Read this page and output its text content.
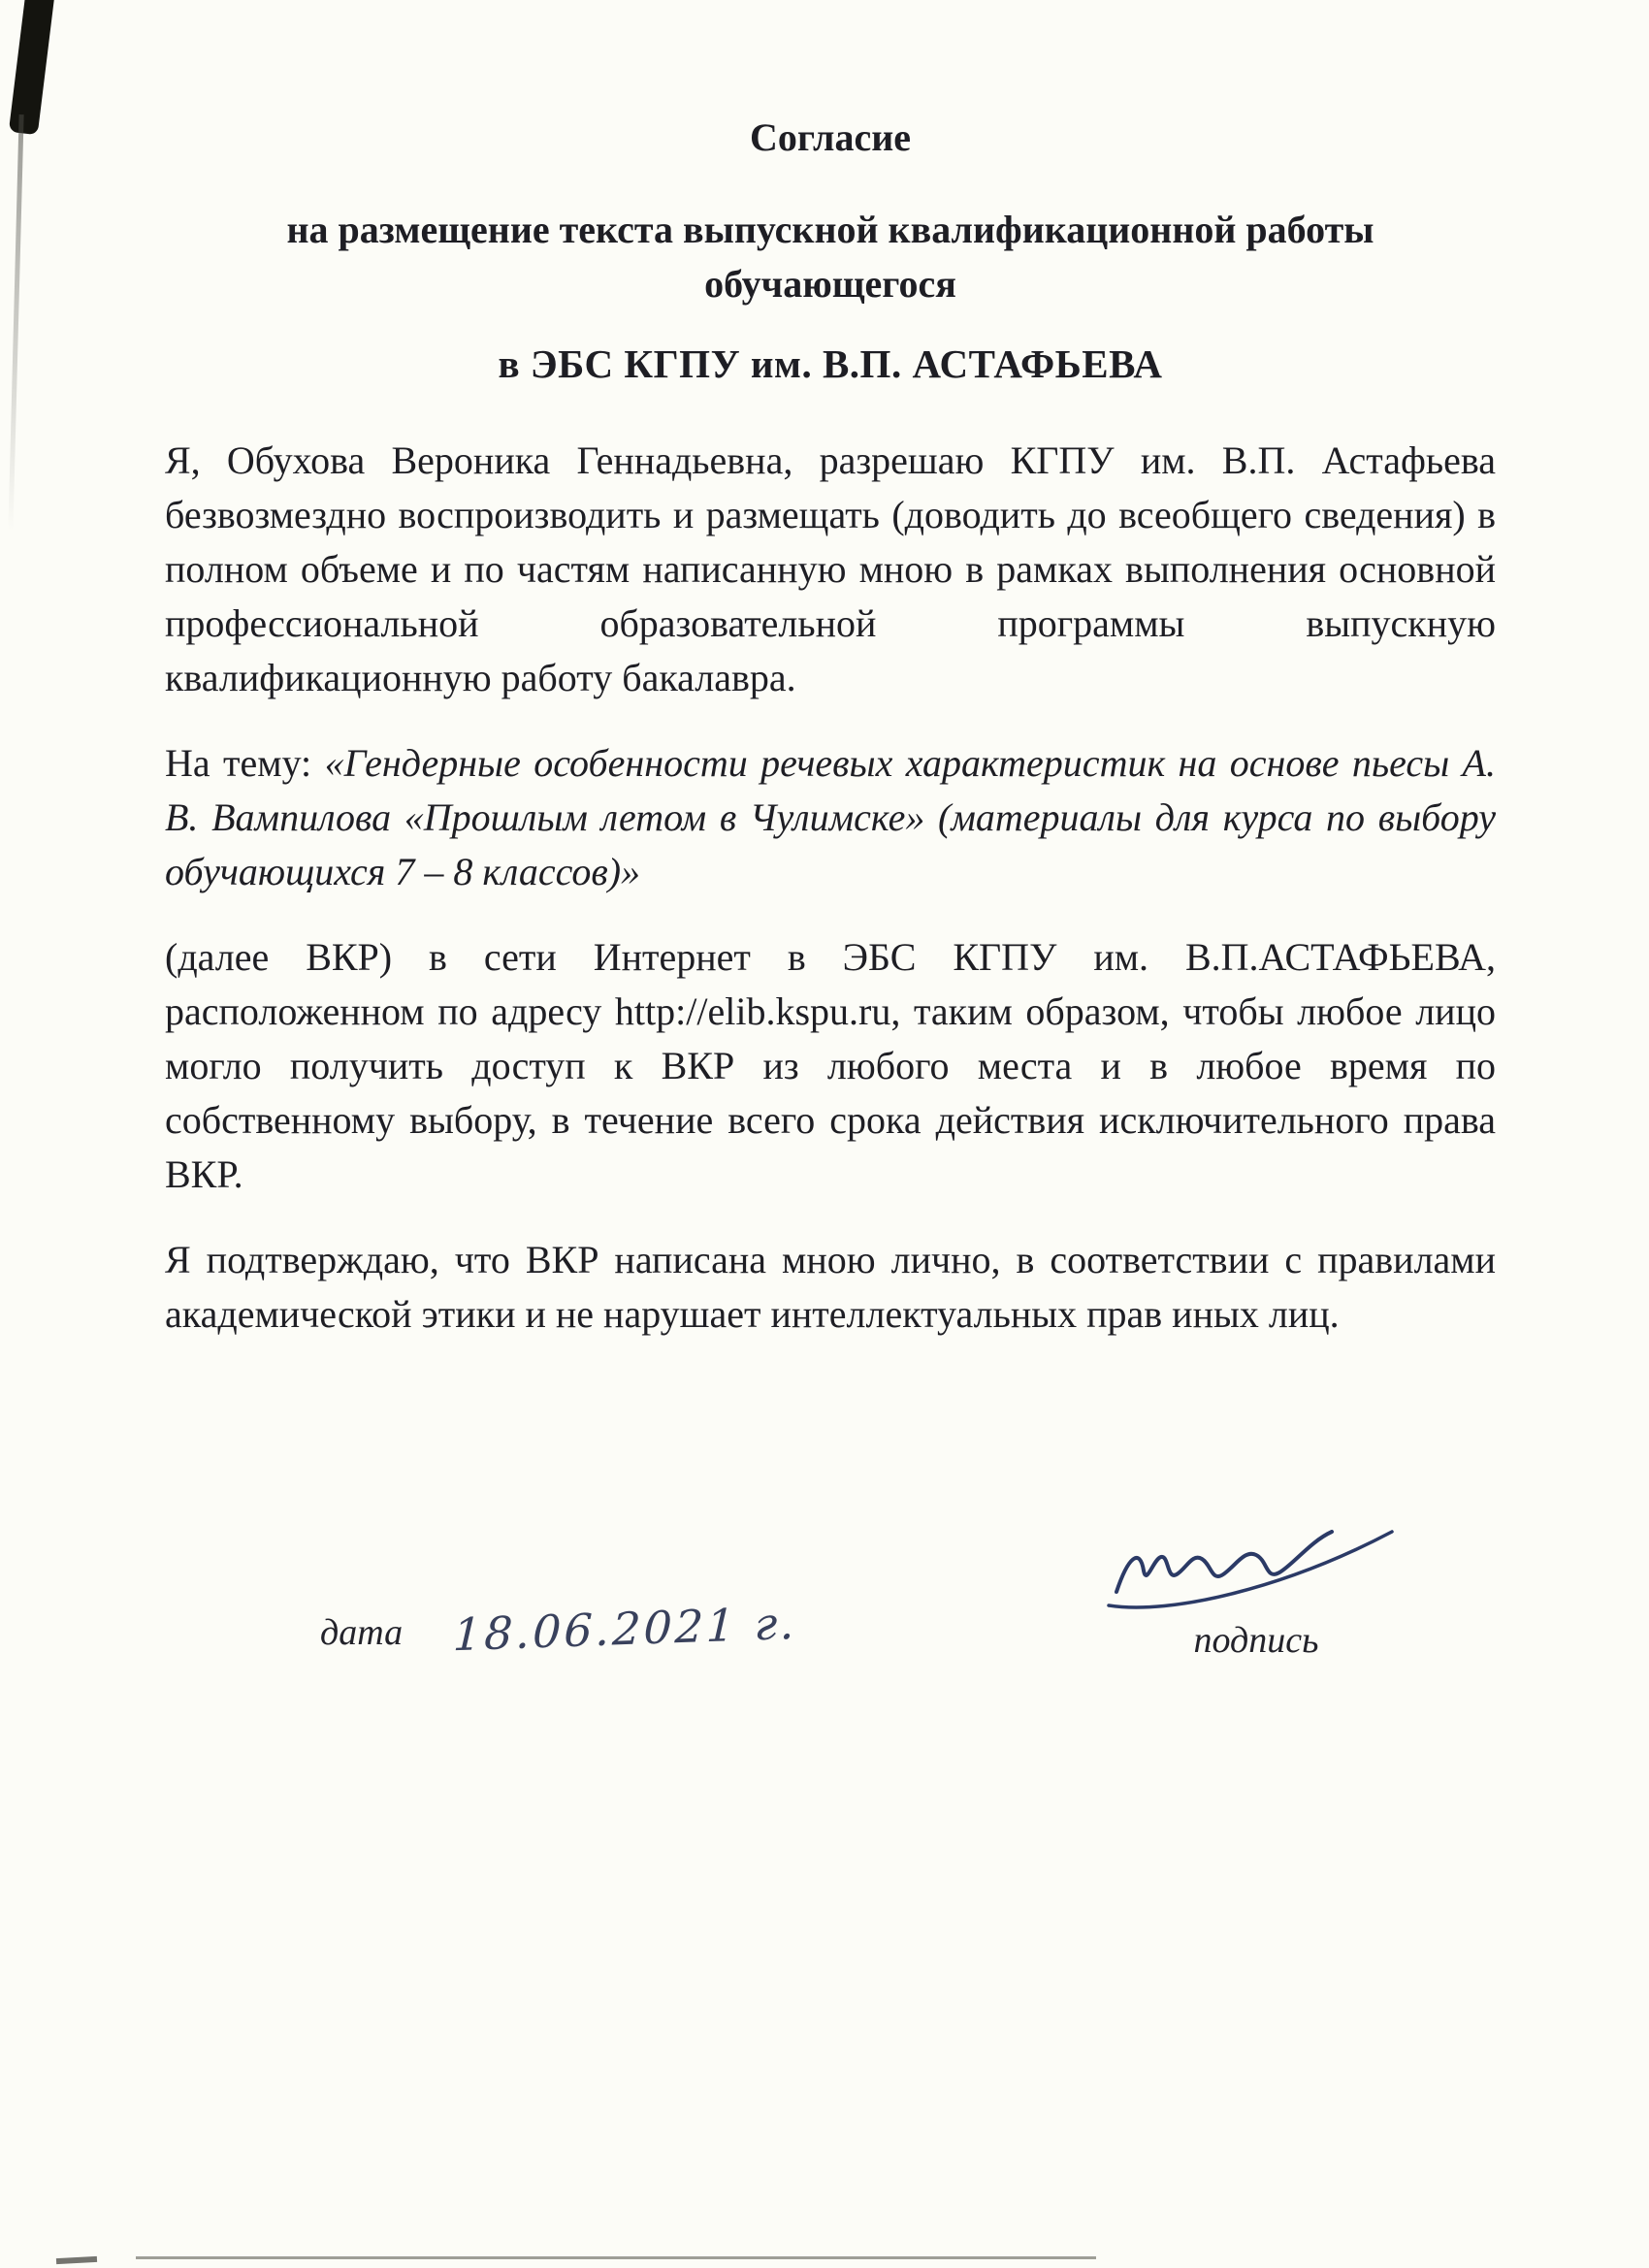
Согласие
на размещение текста выпускной квалификационной работы
обучающегося
в ЭБС КГПУ им. В.П. АСТАФЬЕВА

Я, Обухова Вероника Геннадьевна, разрешаю КГПУ им. В.П. Астафьева безвозмездно воспроизводить и размещать (доводить до всеобщего сведения) в полном объеме и по частям написанную мною в рамках выполнения основной профессиональной образовательной программы выпускную квалификационную работу бакалавра.

На тему: «Гендерные особенности речевых характеристик на основе пьесы А. В. Вампилова «Прошлым летом в Чулимске» (материалы для курса по выбору обучающихся 7 – 8 классов)»

(далее ВКР) в сети Интернет в ЭБС КГПУ им. В.П.АСТАФЬЕВА, расположенном по адресу http://elib.kspu.ru, таким образом, чтобы любое лицо могло получить доступ к ВКР из любого места и в любое время по собственному выбору, в течение всего срока действия исключительного права ВКР.

Я подтверждаю, что ВКР написана мною лично, в соответствии с правилами академической этики и не нарушает интеллектуальных прав иных лиц.

дата 18.06.2021 г.	подпись
